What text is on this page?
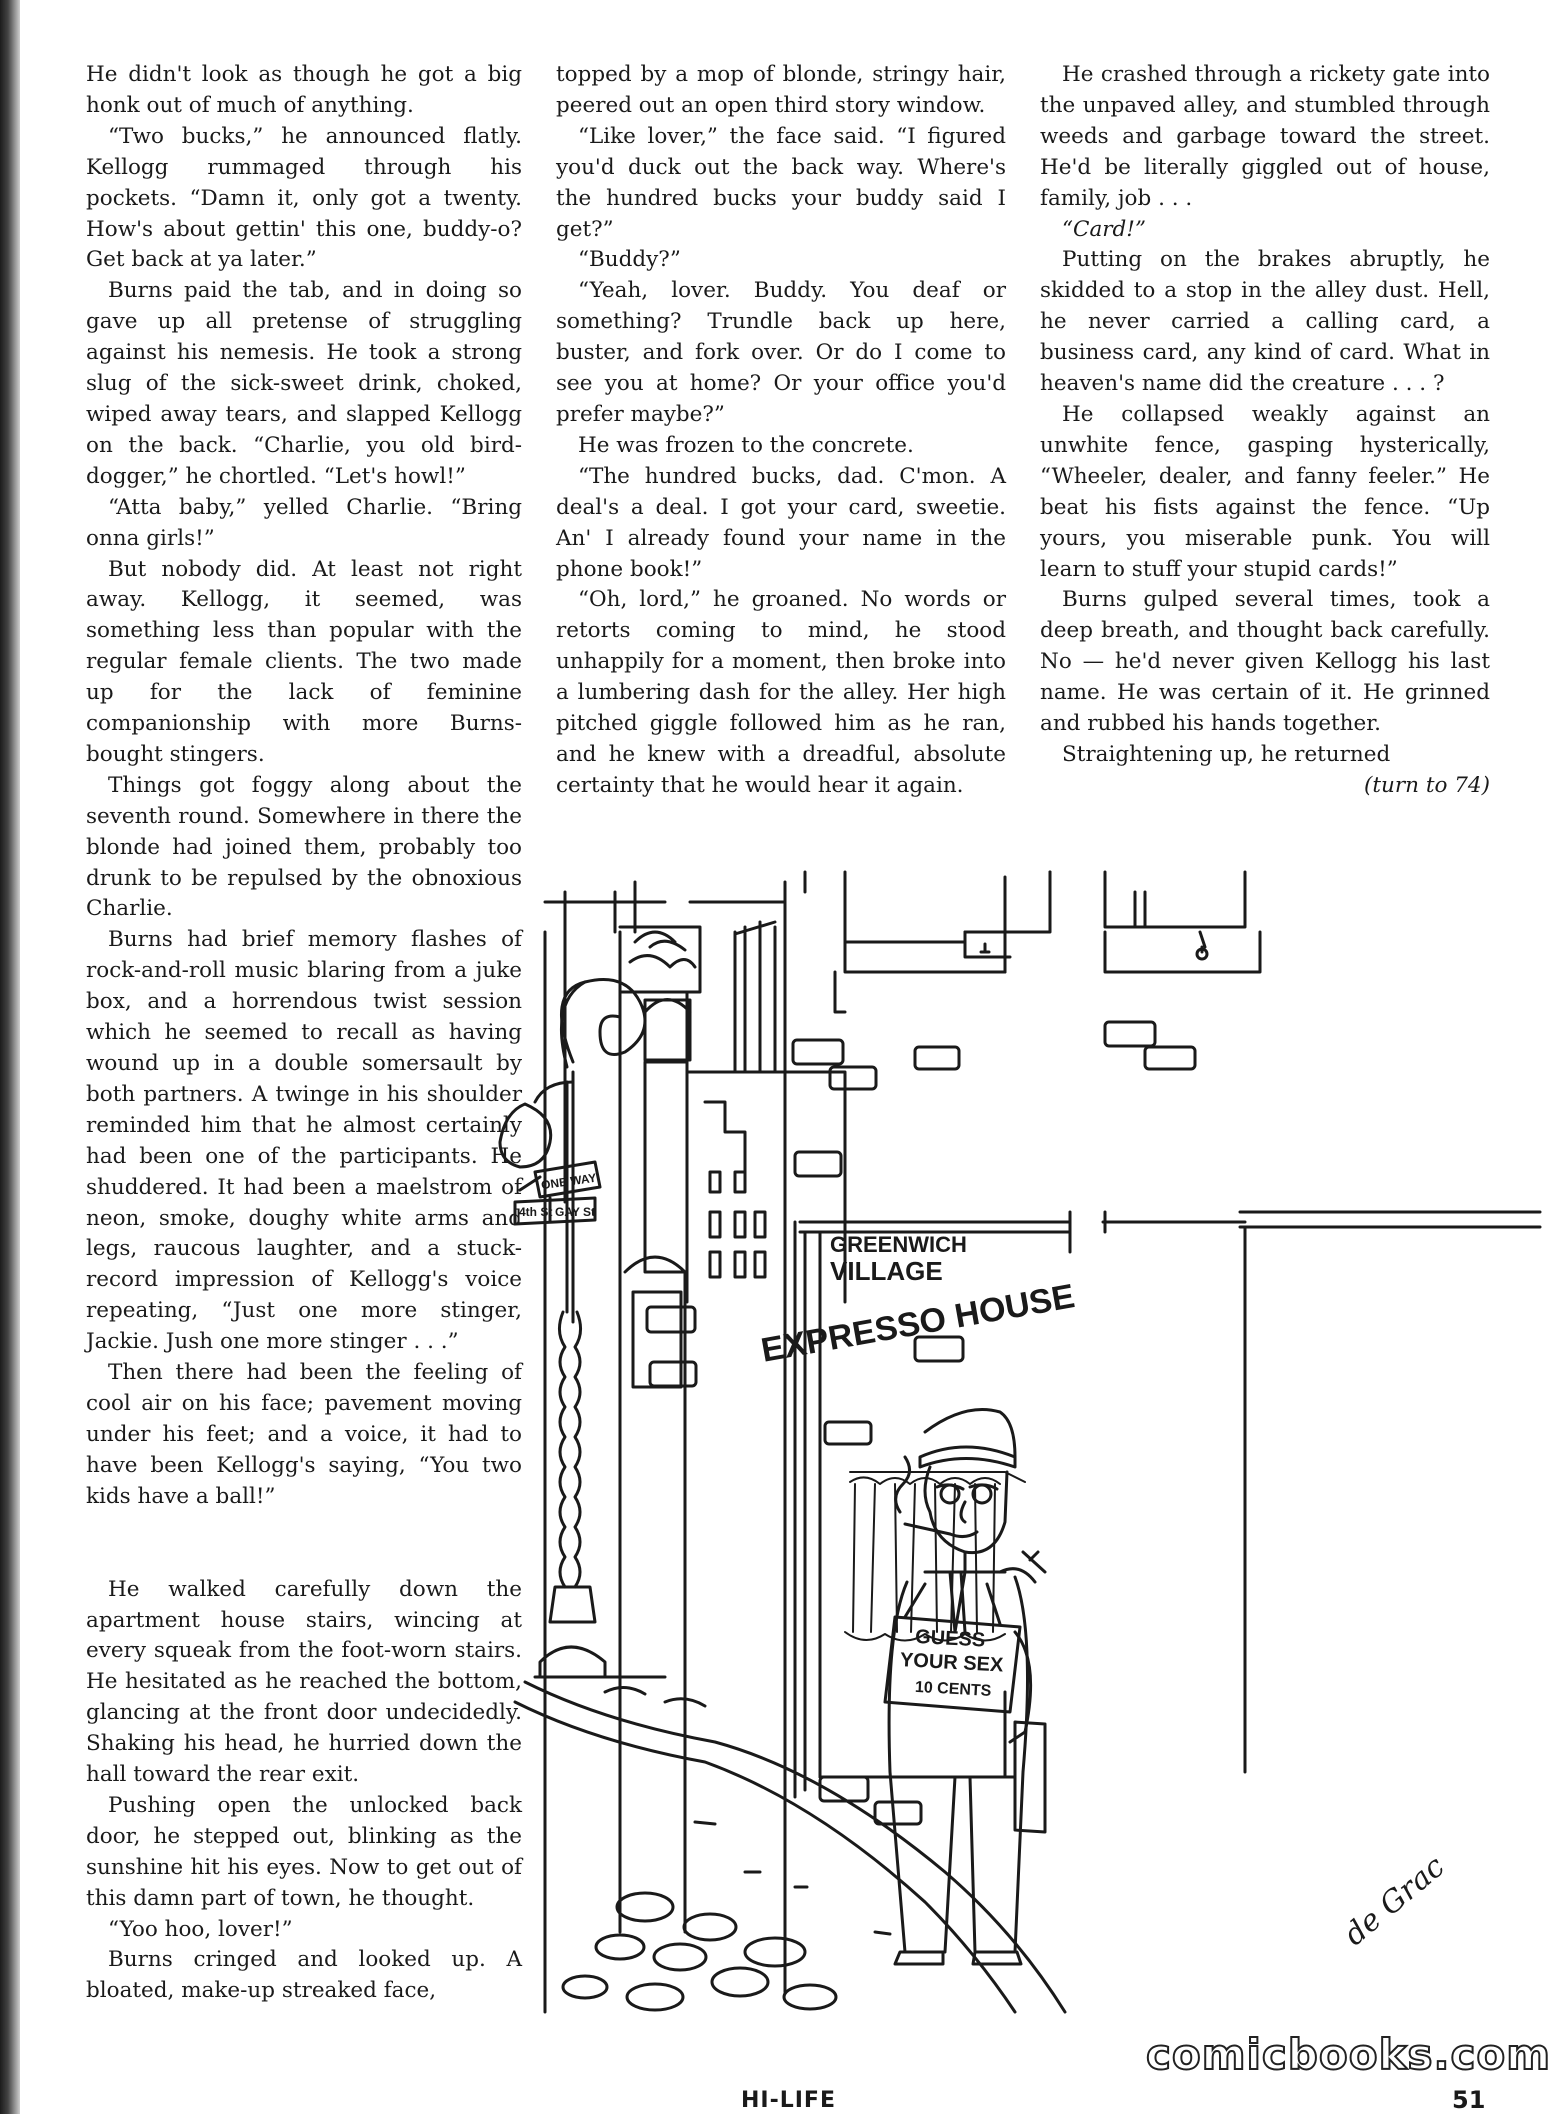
He didn't look as though he got a big honk out of much of anything.

“Two bucks,” he announced flatly. Kellogg rummaged through his pockets. “Damn it, only got a twenty. How's about gettin' this one, buddy-o? Get back at ya later.”

Burns paid the tab, and in doing so gave up all pretense of struggling against his nemesis. He took a strong slug of the sick-sweet drink, choked, wiped away tears, and slapped Kellogg on the back. “Charlie, you old bird-dogger,” he chortled. “Let's howl!”

“Atta baby,” yelled Charlie. “Bring onna girls!”

But nobody did. At least not right away. Kellogg, it seemed, was something less than popular with the regular female clients. The two made up for the lack of feminine companionship with more Burns-bought stingers.

Things got foggy along about the seventh round. Somewhere in there the blonde had joined them, probably too drunk to be repulsed by the obnoxious Charlie.

Burns had brief memory flashes of rock-and-roll music blaring from a juke box, and a horrendous twist session which he seemed to recall as having wound up in a double somersault by both partners. A twinge in his shoulder reminded him that he almost certainly had been one of the participants. He shuddered. It had been a maelstrom of neon, smoke, doughy white arms and legs, raucous laughter, and a stuck-record impression of Kellogg's voice repeating, “Just one more stinger, Jackie. Jush one more stinger . . .”

Then there had been the feeling of cool air on his face; pavement moving under his feet; and a voice, it had to have been Kellogg's saying, “You two kids have a ball!”

He walked carefully down the apartment house stairs, wincing at every squeak from the foot-worn stairs. He hesitated as he reached the bottom, glancing at the front door undecidedly. Shaking his head, he hurried down the hall toward the rear exit.

Pushing open the unlocked back door, he stepped out, blinking as the sunshine hit his eyes. Now to get out of this damn part of town, he thought.

“Yoo hoo, lover!”

Burns cringed and looked up. A bloated, make-up streaked face,

topped by a mop of blonde, stringy hair, peered out an open third story window.

“Like lover,” the face said. “I figured you'd duck out the back way. Where's the hundred bucks your buddy said I get?”

“Buddy?”

“Yeah, lover. Buddy. You deaf or something? Trundle back up here, buster, and fork over. Or do I come to see you at home? Or your office you'd prefer maybe?”

He was frozen to the concrete.

“The hundred bucks, dad. C'mon. A deal's a deal. I got your card, sweetie. An' I already found your name in the phone book!”

“Oh, lord,” he groaned. No words or retorts coming to mind, he stood unhappily for a moment, then broke into a lumbering dash for the alley. Her high pitched giggle followed him as he ran, and he knew with a dreadful, absolute certainty that he would hear it again.

He crashed through a rickety gate into the unpaved alley, and stumbled through weeds and garbage toward the street. He'd be literally giggled out of house, family, job . . .

“Card!”

Putting on the brakes abruptly, he skidded to a stop in the alley dust. Hell, he never carried a calling card, a business card, any kind of card. What in heaven's name did the creature . . . ?

He collapsed weakly against an unwhite fence, gasping hysterically, “Wheeler, dealer, and fanny feeler.” He beat his fists against the fence. “Up yours, you miserable punk. You will learn to stuff your stupid cards!”

Burns gulped several times, took a deep breath, and thought back carefully. No — he'd never given Kellogg his last name. He was certain of it. He grinned and rubbed his hands together.

Straightening up, he returned

(turn to 74)

GREENWICH
VILLAGE
EXPRESSO HOUSE
ONE WAY
4th St GAY St
GUESS
YOUR SEX
10 CENTS
de Grac
comicbooks.com
HI-LIFE	51
